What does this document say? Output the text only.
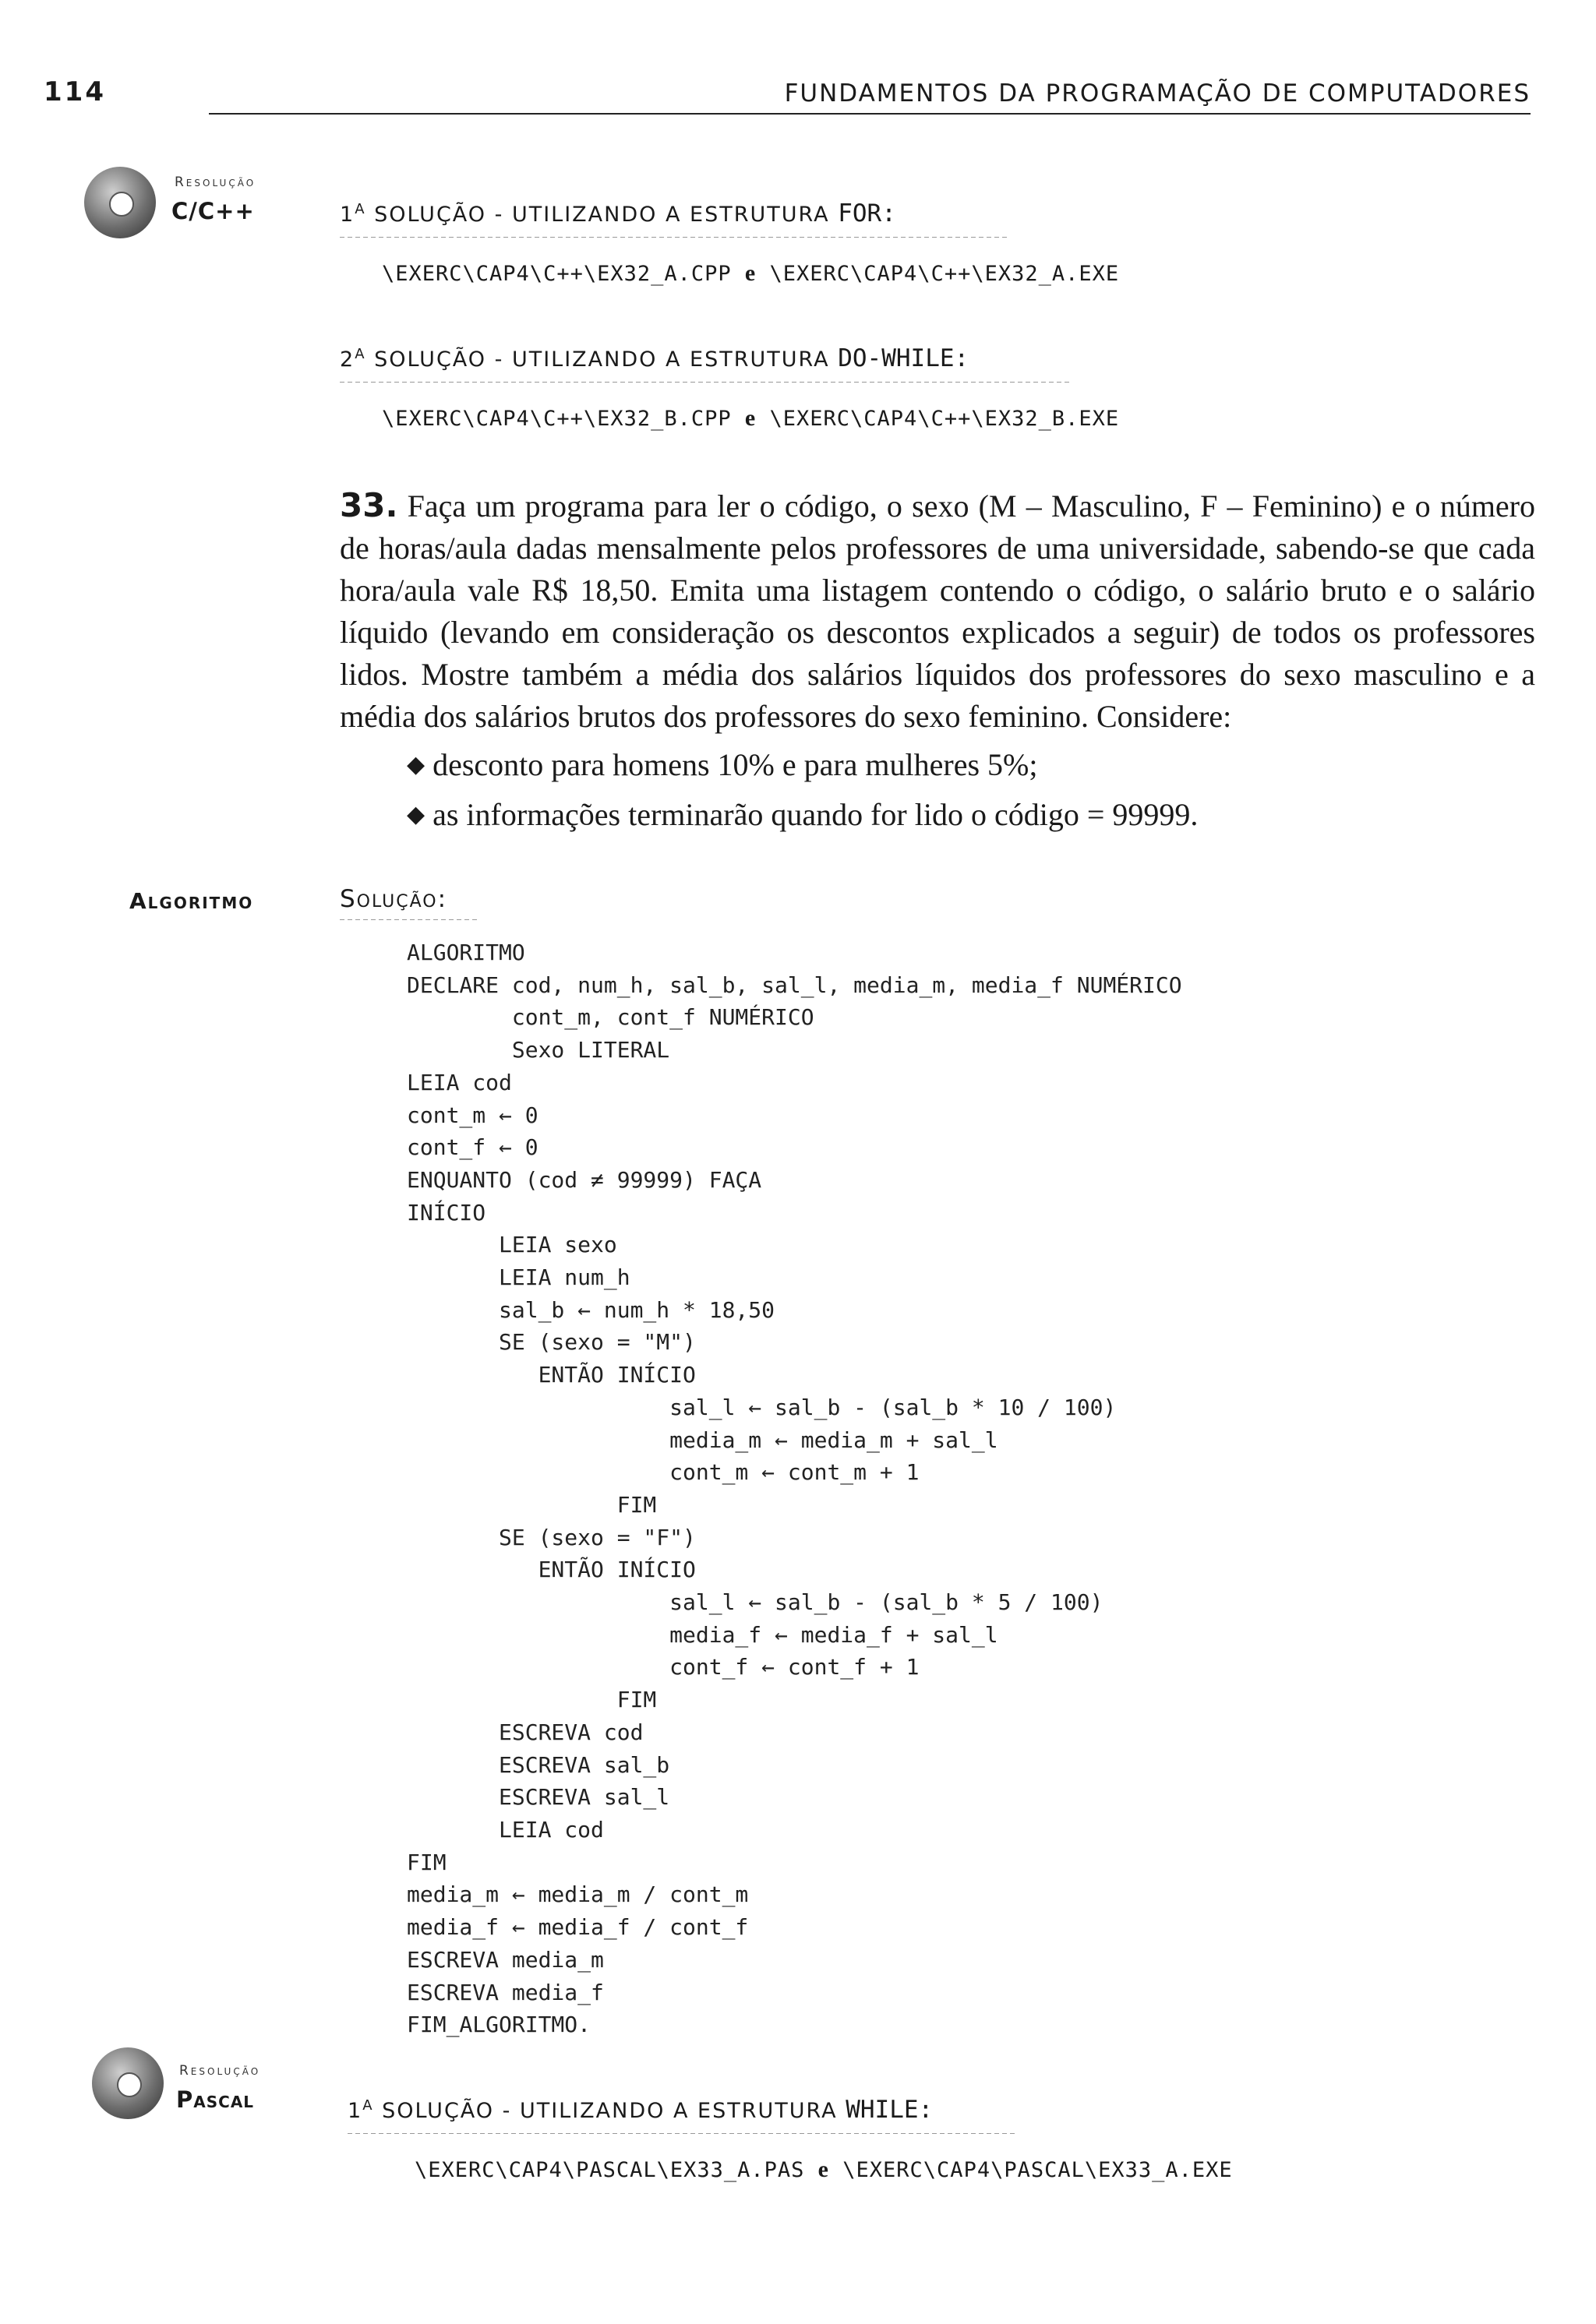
114	FUNDAMENTOS DA PROGRAMAÇÃO DE COMPUTADORES
Resolução
C/C++	$1^A$ SOLUÇÃO - UTILIZANDO A ESTRUTURA FOR:
\EXERC\CAP4\C++\EX32_A.CPP e \EXERC\CAP4\C++\EX32_A.EXE
$2^A$ SOLUÇÃO - UTILIZANDO A ESTRUTURA DO-WHILE:
\EXERC\CAP4\C++\EX32_B.CPP e \EXERC\CAP4\C++\EX32_B.EXE
33. Faça um programa para ler o código, o sexo (M – Masculino, F – Feminino) e o número de horas/aula dadas mensalmente pelos professores de uma universidade, sabendo-se que cada hora/aula vale R$ 18,50. Emita uma listagem contendo o código, o salário bruto e o salário líquido (levando em consideração os descontos explicados a seguir) de todos os professores lidos. Mostre também a média dos salários líquidos dos professores do sexo masculino e a média dos salários brutos dos professores do sexo feminino. Considere:
◆ desconto para homens 10% e para mulheres 5%;
◆ as informações terminarão quando for lido o código = 99999.
Algoritmo	Solução:
ALGORITMO
DECLARE cod, num_h, sal_b, sal_l, media_m, media_f NUMÉRICO
cont_m, cont_f NUMÉRICO
Sexo LITERAL
LEIA cod
cont_m ← 0
cont_f ← 0
ENQUANTO (cod ≠ 99999) FAÇA
INÍCIO
LEIA sexo
LEIA num_h
sal_b ← num_h * 18,50
SE (sexo = "M")
ENTÃO INÍCIO
sal_l ← sal_b - (sal_b * 10 / 100)
media_m ← media_m + sal_l
cont_m ← cont_m + 1
FIM
SE (sexo = "F")
ENTÃO INÍCIO
sal_l ← sal_b - (sal_b * 5 / 100)
media_f ← media_f + sal_l
cont_f ← cont_f + 1
FIM
ESCREVA cod
ESCREVA sal_b
ESCREVA sal_l
LEIA cod
FIM
media_m ← media_m / cont_m
media_f ← media_f / cont_f
ESCREVA media_m
ESCREVA media_f
FIM_ALGORITMO.
Resolução
Pascal	$1^A$ SOLUÇÃO - UTILIZANDO A ESTRUTURA WHILE:
\EXERC\CAP4\PASCAL\EX33_A.PAS e \EXERC\CAP4\PASCAL\EX33_A.EXE
